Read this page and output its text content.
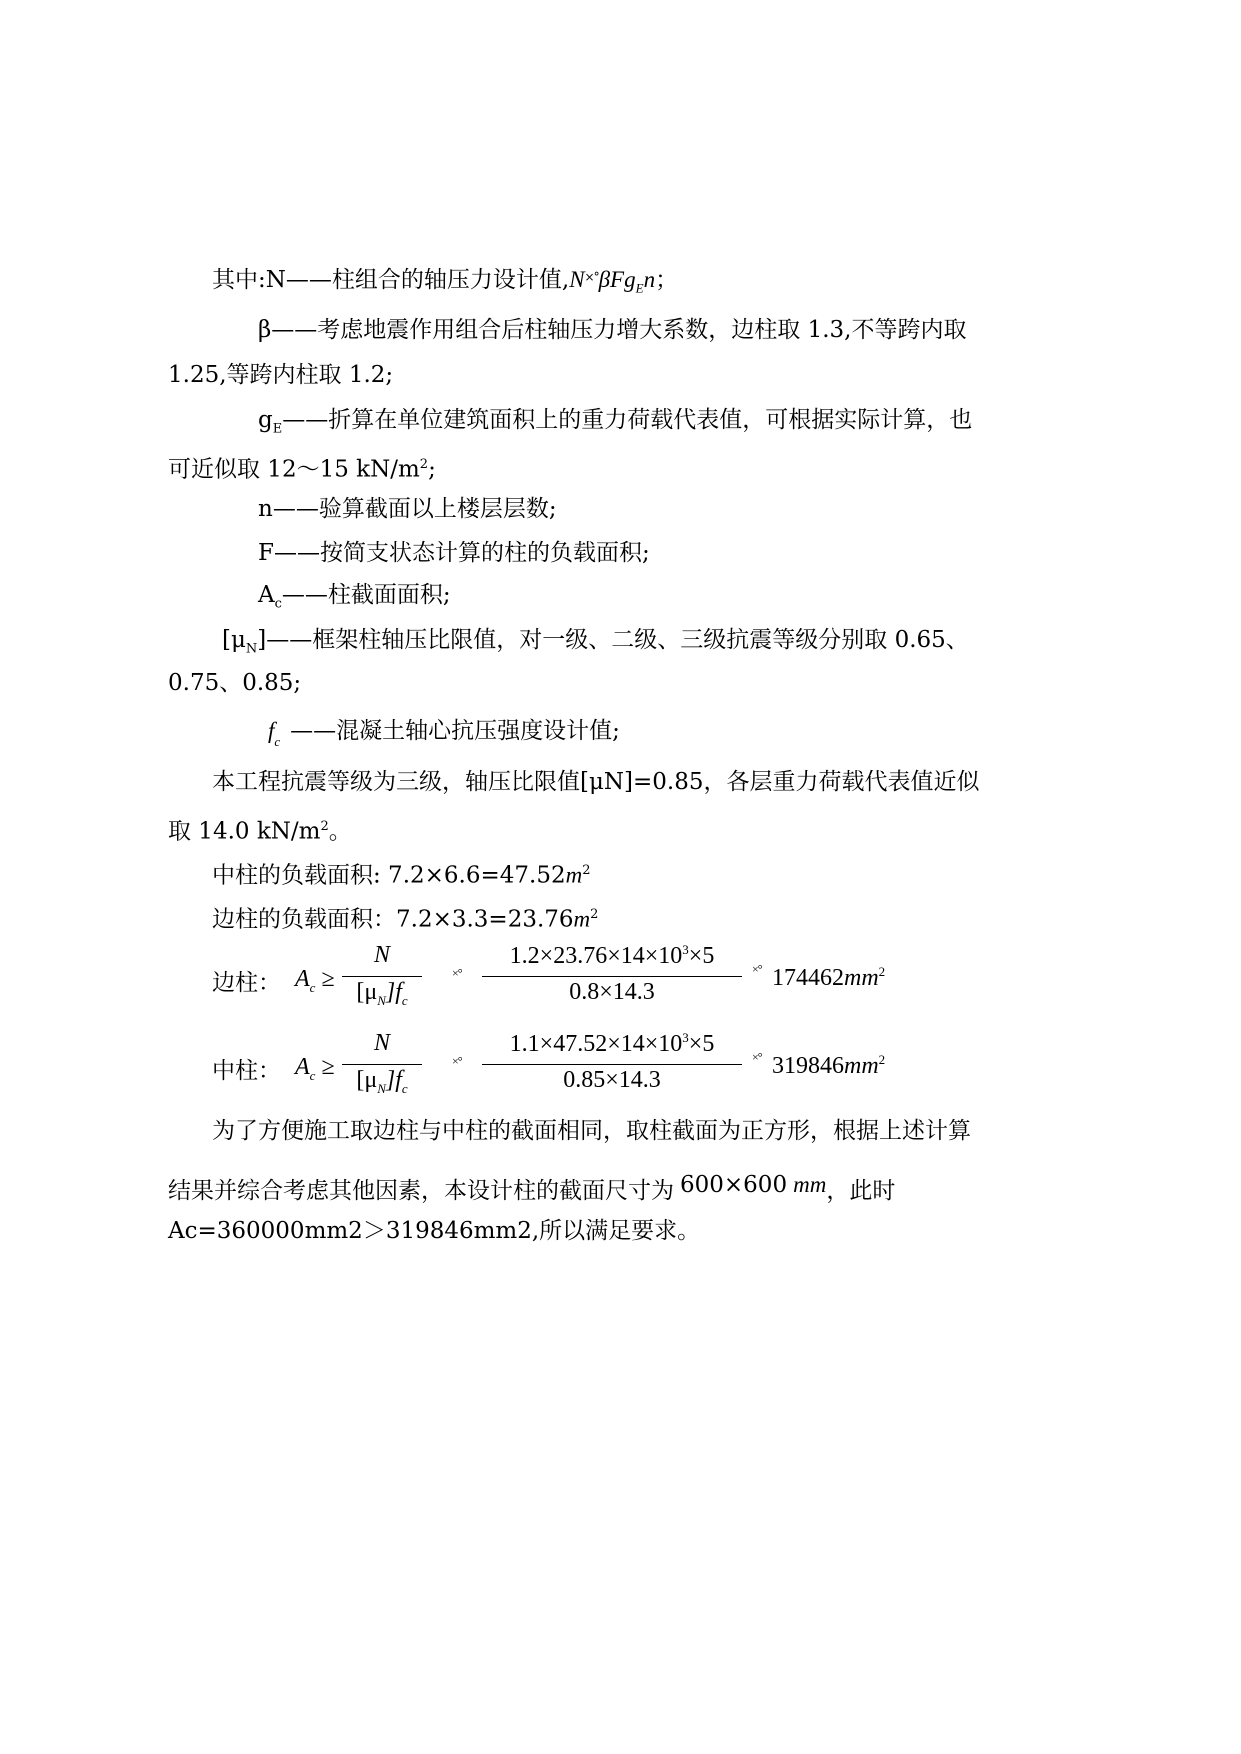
其中:N——柱组合的轴压力设计值,N×°βFg$_E$n；
β——考虑地震作用组合后柱轴压力增大系数，边柱取 1.3,不等跨内取
1.25,等跨内柱取 1.2;
$g_E——$折算在单位建筑面积上的重力荷载代表值，可根据实际计算，也
可近似取 12～15 $kN/m^2$;
n——验算截面以上楼层层数;
F——按简支状态计算的柱的负载面积;
$A_c——$柱截面面积;
$[\mu_N]——$框架柱轴压比限值，对一级、二级、三级抗震等级分别取 0.65、
0.75、0.85;
$f_c$ ——混凝土轴心抗压强度设计值;
本工程抗震等级为三级，轴压比限值[μN]=0.85，各层重力荷载代表值近似
取 14.0 $kN/m^2$。
中柱的负载面积: $7.2\times 6.6=47.52m^2$
边柱的负载面积：$7.2\times 3.3=23.76m^2$
边柱： $A_c$ ≥
N
$[\mu_N]f_c$
×°
$1.2\times 23.76\times 14\times 10^3\times 5$
0.8×14.3
×° $174462mm^2$
中柱： $A_c$ ≥
N
$[\mu_N]f_c$
×°
$1.1\times 47.52\times 14\times 10^3\times 5$
0.85×14.3
×° $319846mm^2$
为了方便施工取边柱与中柱的截面相同，取柱截面为正方形，根据上述计算
结果并综合考虑其他因素，本设计柱的截面尺寸为 600×600 mm，此时
Ac=360000mm2＞319846mm2,所以满足要求。
